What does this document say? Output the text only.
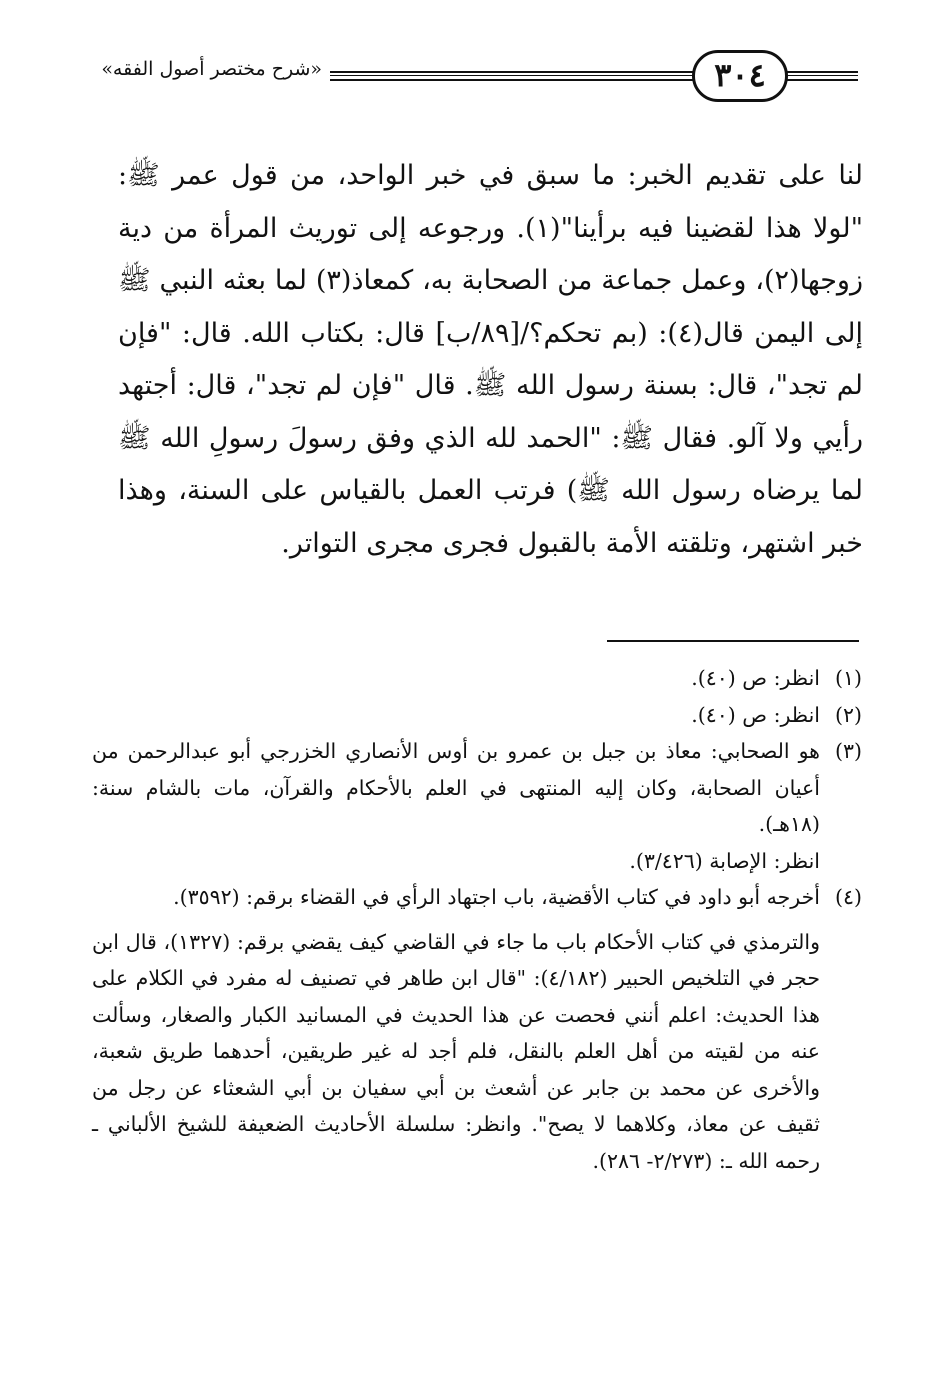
٣٠٤
«شرح مختصر أصول الفقه»

لنا على تقديم الخبر: ما سبق في خبر الواحد، من قول عمر ﷺ: "لولا هذا لقضينا فيه برأينا"(١). ورجوعه إلى توريث المرأة من دية زوجها(٢)، وعمل جماعة من الصحابة به، كمعاذ(٣) لما بعثه النبي ﷺ إلى اليمن قال(٤): (بم تحكم؟/[٨٩/ب] قال: بكتاب الله. قال: "فإن لم تجد"، قال: بسنة رسول الله ﷺ. قال "فإن لم تجد"، قال: أجتهد رأيي ولا آلو. فقال ﷺ: "الحمد لله الذي وفق رسولَ رسولِ الله ﷺ لما يرضاه رسول الله ﷺ) فرتب العمل بالقياس على السنة، وهذا خبر اشتهر، وتلقته الأمة بالقبول فجرى مجرى التواتر.

(١)
انظر: ص (٤٠).
(٢)
انظر: ص (٤٠).
(٣)
هو الصحابي: معاذ بن جبل بن عمرو بن أوس الأنصاري الخزرجي أبو عبدالرحمن من أعيان الصحابة، وكان إليه المنتهى في العلم بالأحكام والقرآن، مات بالشام سنة: (١٨هـ).
انظر: الإصابة (٣/٤٢٦).
(٤)
أخرجه أبو داود في كتاب الأقضية، باب اجتهاد الرأي في القضاء برقم: (٣٥٩٢).
والترمذي في كتاب الأحكام باب ما جاء في القاضي كيف يقضي برقم: (١٣٢٧)، قال ابن حجر في التلخيص الحبير (٤/١٨٢): "قال ابن طاهر في تصنيف له مفرد في الكلام على هذا الحديث: اعلم أنني فحصت عن هذا الحديث في المسانيد الكبار والصغار، وسألت عنه من لقيته من أهل العلم بالنقل، فلم أجد له غير طريقين، أحدهما طريق شعبة، والأخرى عن محمد بن جابر عن أشعث بن أبي سفيان بن أبي الشعثاء عن رجل من ثقيف عن معاذ، وكلاهما لا يصح". وانظر: سلسلة الأحاديث الضعيفة للشيخ الألباني ـ رحمه الله ـ: (٢/٢٧٣- ٢٨٦).
